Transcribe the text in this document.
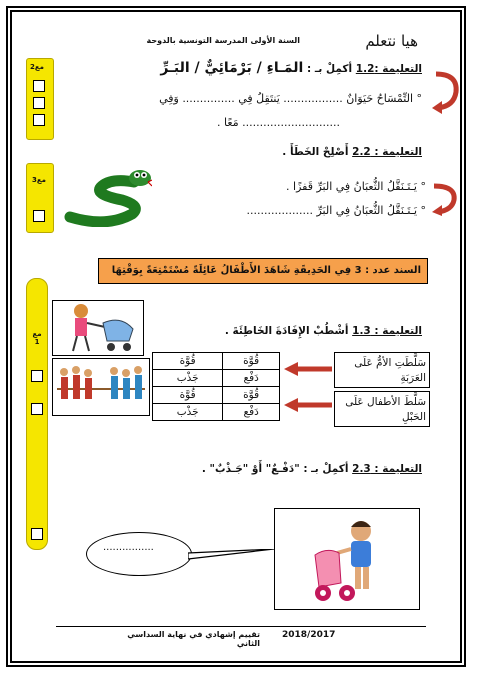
السنة الأولى المدرسة التونسية بالدوحة	هيا نتعلم
مع2
مع3
مع 1
التعليمة :1.2 أكمِلْ بـ : المَـاءِ / بَرْمَائِيٌّ / البَـرِّ
° التِّمْسَاحُ حَيَوَانٌ ................. يَنتَقِلُ فِي ............... وَفِي
............................ مَعًا .
التعليمة : 2.2 أَصْلِحْ الخَطَأَ .
° يَـتَـنَقَّلُ الثُّعبَانُ فِي البَرِّ قَفزًا .
° يَـتَـنَقَّلُ الثُّعبَانُ فِي البَرِّ ...................
السند عدد : 3 فِي الحَدِيقَةِ شَاهَدَ الأَطْفَالُ عَائِلَةً مُسْتَمْتِعَةً بِوَقْتِهَا
التعليمة : 1.3 أشْطُبْ الإِفَادَةَ الخَاطِئَةَ .
قُوَّة	قُوَّة
دَفْع	جَذْب
قُوَّة	قُوَّة
دَفْع	جَذْب
سَلَّطَتِ الأمُّ عَلَى العَرَبَةِ
سَلَّطَ الأطفال عَلَى الحَبْلِ
التعليمة : 2.3 أكمِلْ بـ : "دَفْـعٌ" أَوْ "جَـذْبٌ" .
................
2018/2017
تقييم إشهادي في نهاية السداسي الثاني
